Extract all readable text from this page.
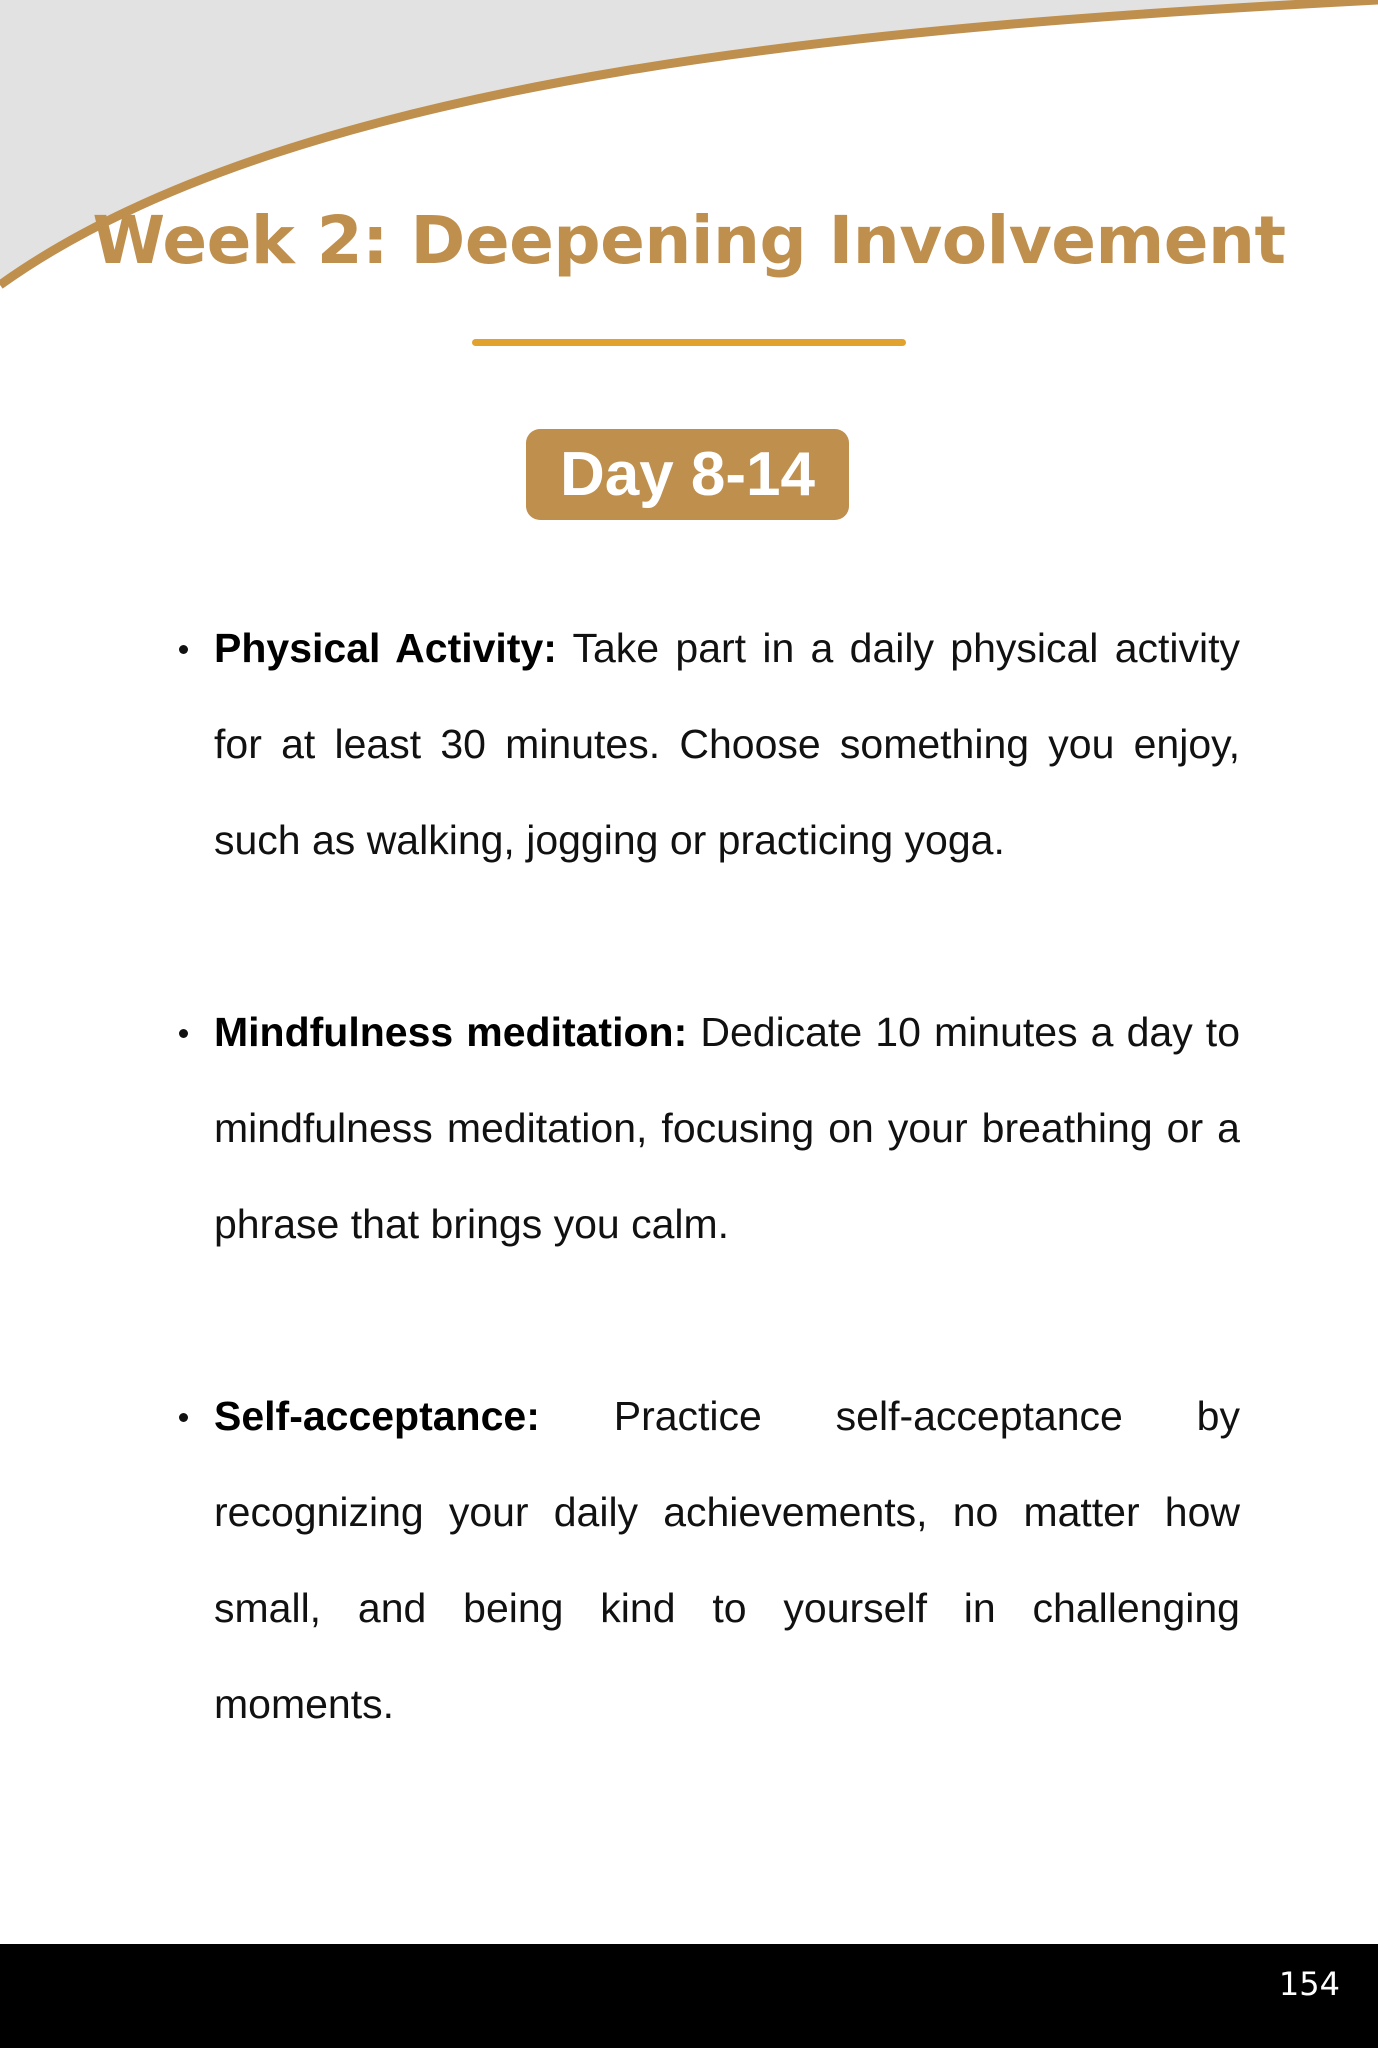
Week 2: Deepening Involvement
Day 8-14
Physical Activity: Take part in a daily physical activity for at least 30 minutes. Choose something you enjoy, such as walking, jogging or practicing yoga.
Mindfulness meditation: Dedicate 10 minutes a day to mindfulness meditation, focusing on your breathing or a phrase that brings you calm.
Self-acceptance: Practice self-acceptance by recognizing your daily achievements, no matter how small, and being kind to yourself in challenging moments.
154
